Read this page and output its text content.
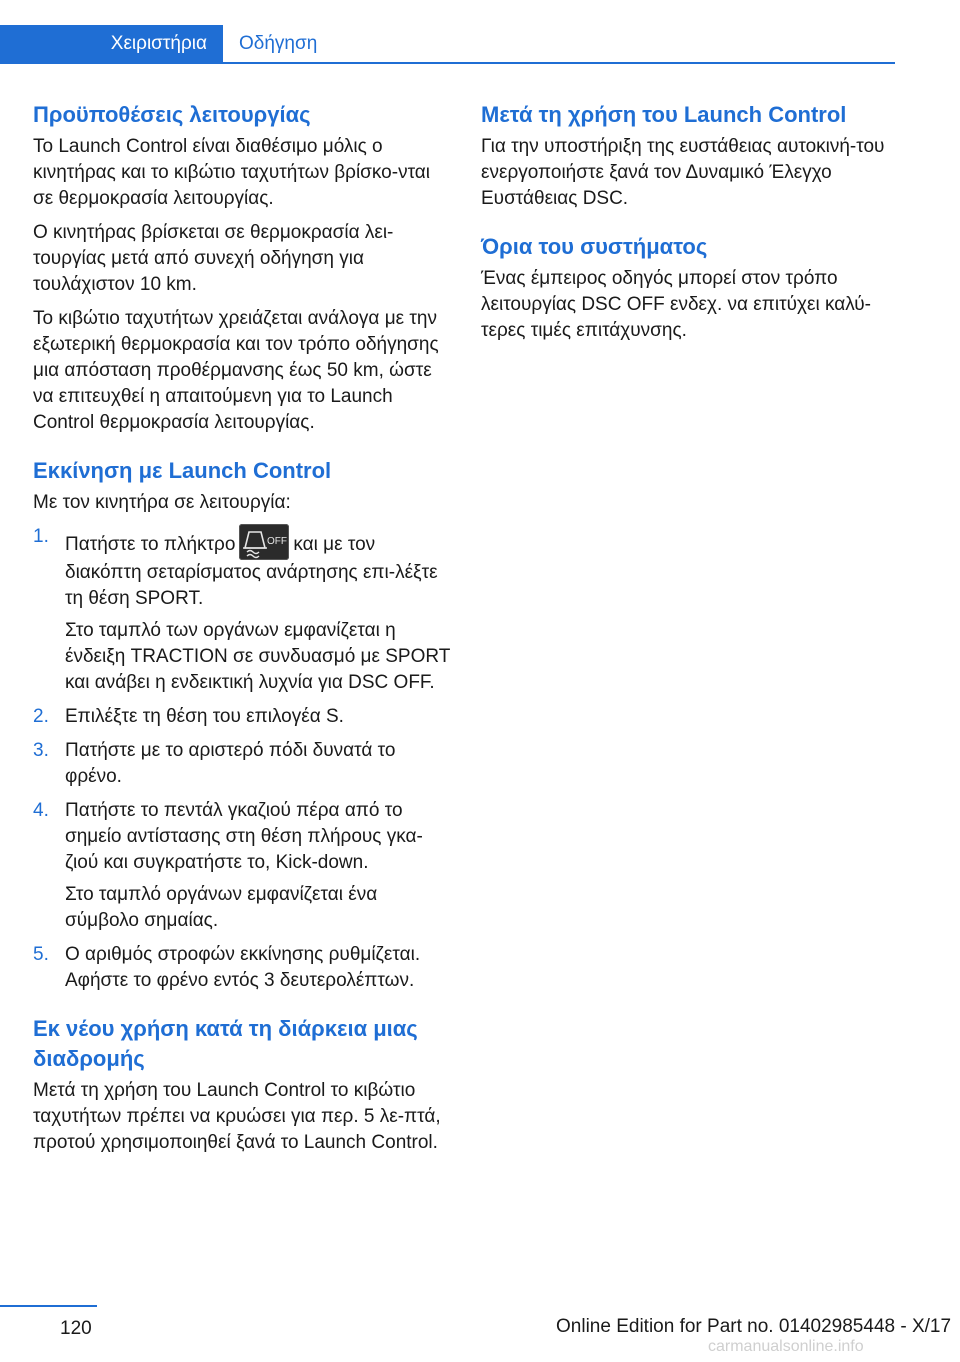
Χειριστήρια	Οδήγηση
Προϋποθέσεις λειτουργίας

Το Launch Control είναι διαθέσιμο μόλις ο κινητήρας και το κιβώτιο ταχυτήτων βρίσκο‐νται σε θερμοκρασία λειτουργίας.

Ο κινητήρας βρίσκεται σε θερμοκρασία λει‐τουργίας μετά από συνεχή οδήγηση για τουλάχιστον 10 km.

Το κιβώτιο ταχυτήτων χρειάζεται ανάλογα με την εξωτερική θερμοκρασία και τον τρόπο οδήγησης μια απόσταση προθέρμανσης έως 50 km, ώστε να επιτευχθεί η απαιτούμενη για το Launch Control θερμοκρασία λειτουργίας.

Εκκίνηση με Launch Control

Με τον κινητήρα σε λειτουργία:

1. Πατήστε το πλήκτρο	OFF και με τον διακόπτη σεταρίσματος ανάρτησης επι‐λέξτε τη θέση SPORT.

Στο ταμπλό των οργάνων εμφανίζεται η ένδειξη TRACTION σε συνδυασμό με SPORT και ανάβει η ενδεικτική λυχνία για DSC OFF.

2. Επιλέξτε τη θέση του επιλογέα S.

3. Πατήστε με το αριστερό πόδι δυνατά το φρένο.

4. Πατήστε το πεντάλ γκαζιού πέρα από το σημείο αντίστασης στη θέση πλήρους γκα‐ζιού και συγκρατήστε το, Kick-down.

Στο ταμπλό οργάνων εμφανίζεται ένα σύμβολο σημαίας.

5. Ο αριθμός στροφών εκκίνησης ρυθμίζεται. Αφήστε το φρένο εντός 3 δευτερολέπτων.

Εκ νέου χρήση κατά τη διάρκεια μιας διαδρομής

Μετά τη χρήση του Launch Control το κιβώτιο ταχυτήτων πρέπει να κρυώσει για περ. 5 λε‐πτά, προτού χρησιμοποιηθεί ξανά το Launch Control.

Μετά τη χρήση του Launch Control

Για την υποστήριξη της ευστάθειας αυτοκινή‐του ενεργοποιήστε ξανά τον Δυναμικό Έλεγχο Ευστάθειας DSC.

Όρια του συστήματος

Ένας έμπειρος οδηγός μπορεί στον τρόπο λειτουργίας DSC OFF ενδεχ. να επιτύχει καλύ‐τερες τιμές επιτάχυνσης.

120	Online Edition for Part no. 01402985448 - X/17
carmanualsonline.info
